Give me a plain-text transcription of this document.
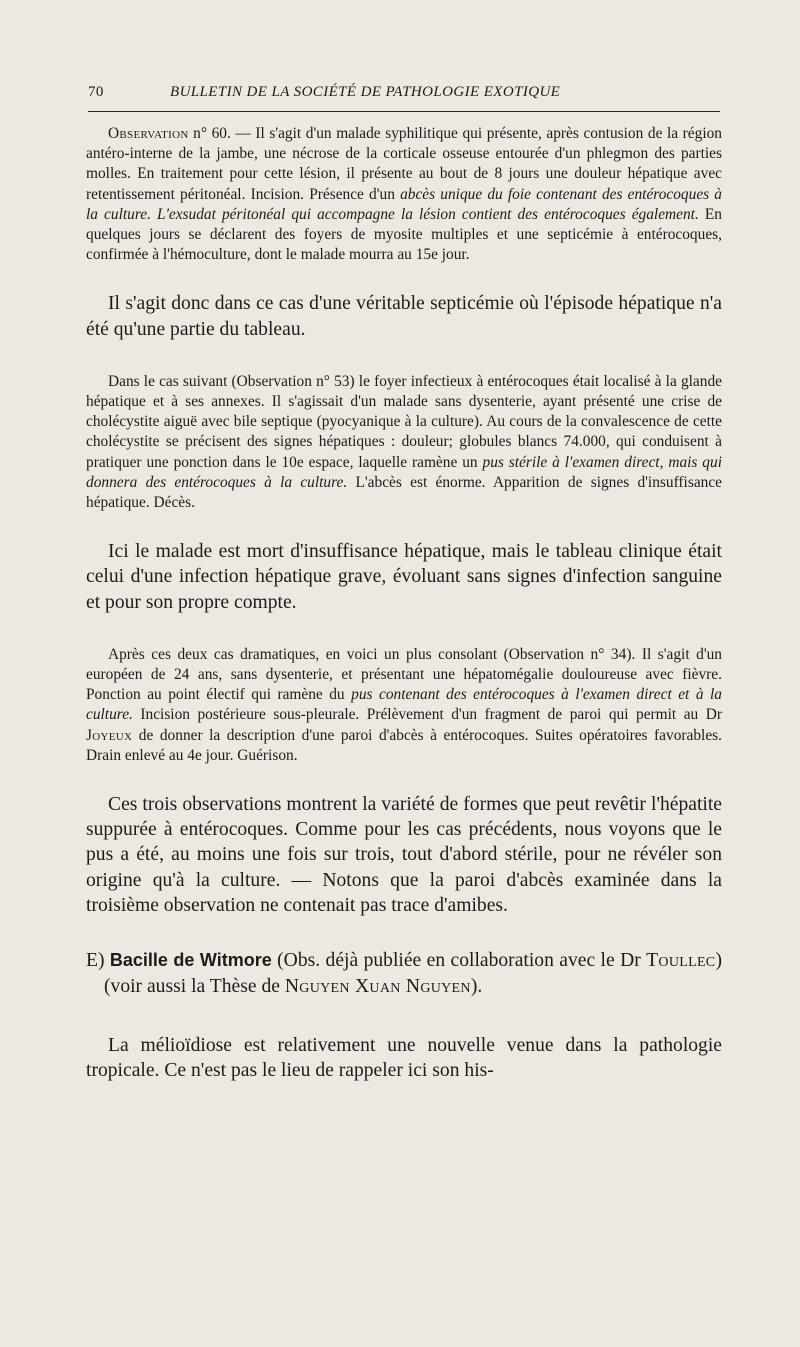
70	BULLETIN DE LA SOCIÉTÉ DE PATHOLOGIE EXOTIQUE

Observation n° 60. — Il s'agit d'un malade syphilitique qui présente, après contusion de la région antéro-interne de la jambe, une nécrose de la corticale osseuse entourée d'un phlegmon des parties molles. En traitement pour cette lésion, il présente au bout de 8 jours une douleur hépatique avec retentissement péritonéal. Incision. Présence d'un abcès unique du foie contenant des entérocoques à la culture. L'exsudat péritonéal qui accompagne la lésion contient des entérocoques également. En quelques jours se déclarent des foyers de myosite multiples et une septicémie à entérocoques, confirmée à l'hémoculture, dont le malade mourra au 15e jour.

Il s'agit donc dans ce cas d'une véritable septicémie où l'épisode hépatique n'a été qu'une partie du tableau.

Dans le cas suivant (Observation n° 53) le foyer infectieux à entérocoques était localisé à la glande hépatique et à ses annexes. Il s'agissait d'un malade sans dysenterie, ayant présenté une crise de cholécystite aiguë avec bile septique (pyocyanique à la culture). Au cours de la convalescence de cette cholécystite se précisent des signes hépatiques : douleur; globules blancs 74.000, qui conduisent à pratiquer une ponction dans le 10e espace, laquelle ramène un pus stérile à l'examen direct, mais qui donnera des entérocoques à la culture. L'abcès est énorme. Apparition de signes d'insuffisance hépatique. Décès.

Ici le malade est mort d'insuffisance hépatique, mais le tableau clinique était celui d'une infection hépatique grave, évoluant sans signes d'infection sanguine et pour son propre compte.

Après ces deux cas dramatiques, en voici un plus consolant (Observation n° 34). Il s'agit d'un européen de 24 ans, sans dysenterie, et présentant une hépatomégalie douloureuse avec fièvre. Ponction au point électif qui ramène du pus contenant des entérocoques à l'examen direct et à la culture. Incision postérieure sous-pleurale. Prélèvement d'un fragment de paroi qui permit au Dr Joyeux de donner la description d'une paroi d'abcès à entérocoques. Suites opératoires favorables. Drain enlevé au 4e jour. Guérison.

Ces trois observations montrent la variété de formes que peut revêtir l'hépatite suppurée à entérocoques. Comme pour les cas précédents, nous voyons que le pus a été, au moins une fois sur trois, tout d'abord stérile, pour ne révéler son origine qu'à la culture. — Notons que la paroi d'abcès examinée dans la troisième observation ne contenait pas trace d'amibes.

E) Bacille de Witmore (Obs. déjà publiée en collaboration avec le Dr Toullec) (voir aussi la Thèse de Nguyen Xuan Nguyen).

La mélioïdiose est relativement une nouvelle venue dans la pathologie tropicale. Ce n'est pas le lieu de rappeler ici son his-
